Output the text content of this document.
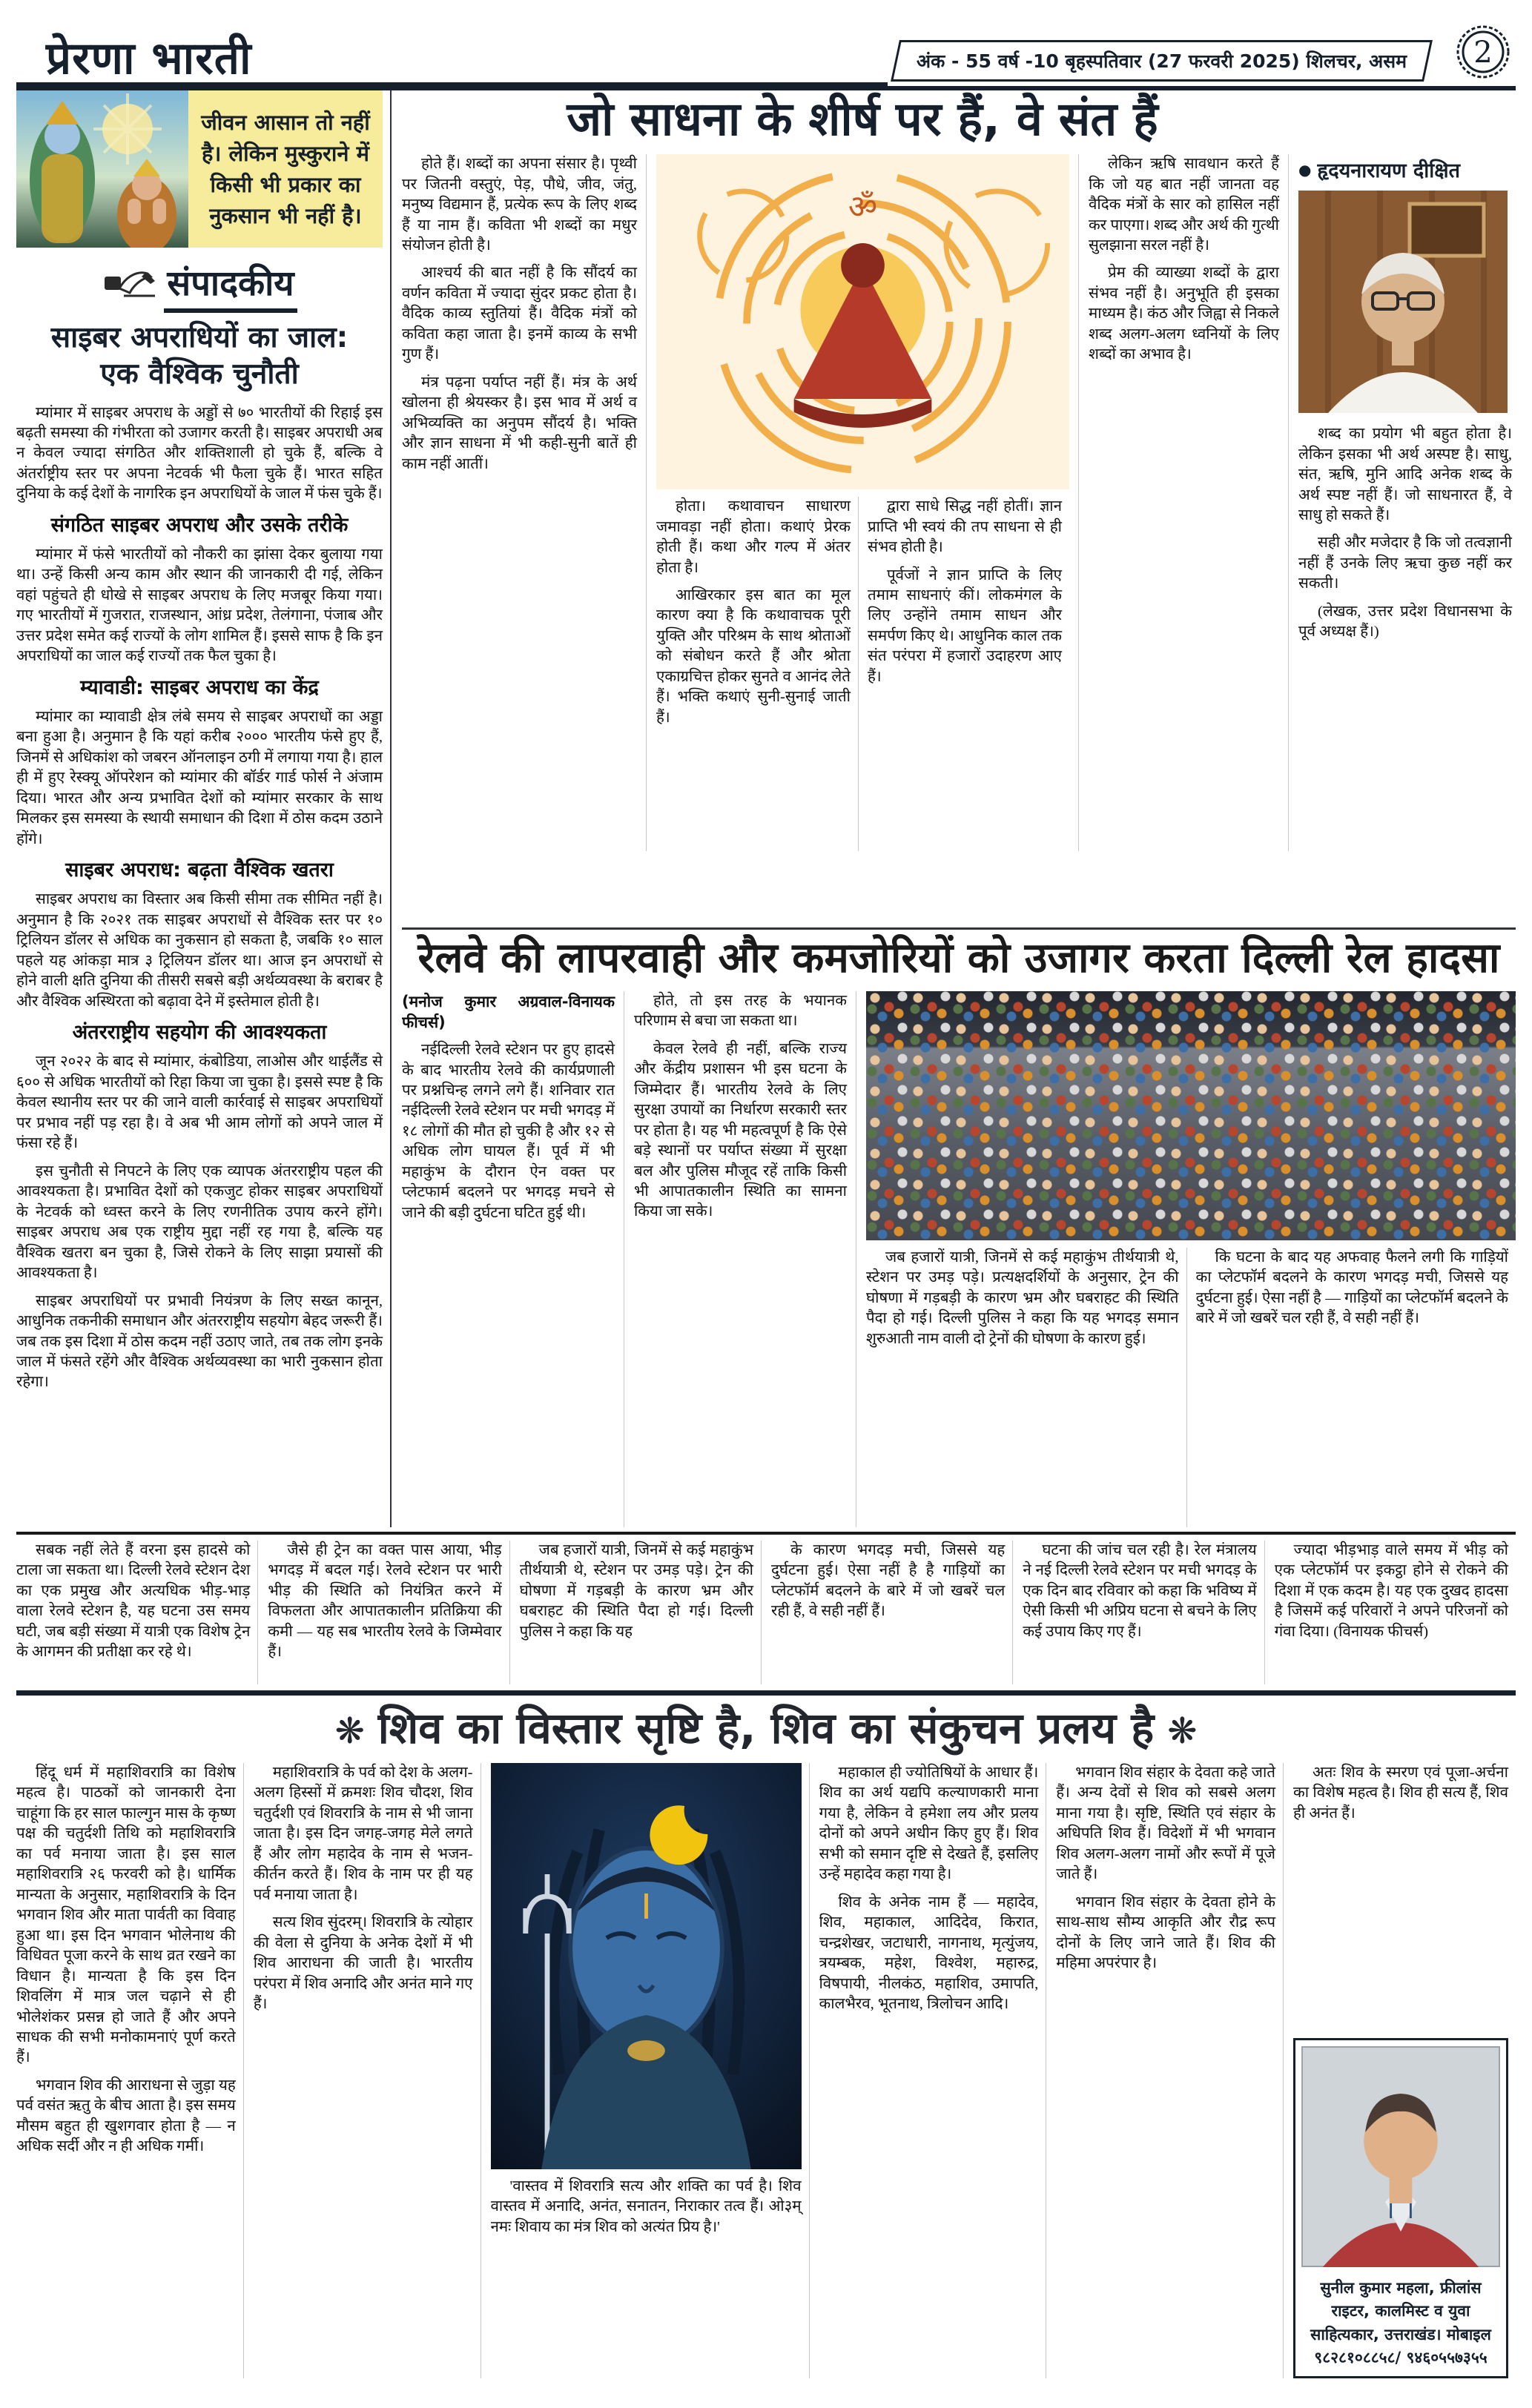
प्रेरणा भारती	अंक - 55 वर्ष -10 बृहस्पतिवार (27 फरवरी 2025) शिलचर, असम 2
जीवन आसान तो नहीं है। लेकिन मुस्कुराने में किसी भी प्रकार का नुकसान भी नहीं है।
संपादकीय
साइबर अपराधियों का जाल:
एक वैश्विक चुनौती

म्यांमार में साइबर अपराध के अड्डों से ७० भारतीयों की रिहाई इस बढ़ती समस्या की गंभीरता को उजागर करती है। साइबर अपराधी अब न केवल ज्यादा संगठित और शक्तिशाली हो चुके हैं, बल्कि वे अंतर्राष्ट्रीय स्तर पर अपना नेटवर्क भी फैला चुके हैं। भारत सहित दुनिया के कई देशों के नागरिक इन अपराधियों के जाल में फंस चुके हैं।

संगठित साइबर अपराध और उसके तरीके

म्यांमार में फंसे भारतीयों को नौकरी का झांसा देकर बुलाया गया था। उन्हें किसी अन्य काम और स्थान की जानकारी दी गई, लेकिन वहां पहुंचते ही धोखे से साइबर अपराध के लिए मजबूर किया गया। गए भारतीयों में गुजरात, राजस्थान, आंध्र प्रदेश, तेलंगाना, पंजाब और उत्तर प्रदेश समेत कई राज्यों के लोग शामिल हैं। इससे साफ है कि इन अपराधियों का जाल कई राज्यों तक फैल चुका है।

म्यावाडी: साइबर अपराध का केंद्र

म्यांमार का म्यावाडी क्षेत्र लंबे समय से साइबर अपराधों का अड्डा बना हुआ है। अनुमान है कि यहां करीब २००० भारतीय फंसे हुए हैं, जिनमें से अधिकांश को जबरन ऑनलाइन ठगी में लगाया गया है। हाल ही में हुए रेस्क्यू ऑपरेशन को म्यांमार की बॉर्डर गार्ड फोर्स ने अंजाम दिया। भारत और अन्य प्रभावित देशों को म्यांमार सरकार के साथ मिलकर इस समस्या के स्थायी समाधान की दिशा में ठोस कदम उठाने होंगे।

साइबर अपराध: बढ़ता वैश्विक खतरा

साइबर अपराध का विस्तार अब किसी सीमा तक सीमित नहीं है। अनुमान है कि २०२१ तक साइबर अपराधों से वैश्विक स्तर पर १० ट्रिलियन डॉलर से अधिक का नुकसान हो सकता है, जबकि १० साल पहले यह आंकड़ा मात्र ३ ट्रिलियन डॉलर था। आज इन अपराधों से होने वाली क्षति दुनिया की तीसरी सबसे बड़ी अर्थव्यवस्था के बराबर है और वैश्विक अस्थिरता को बढ़ावा देने में इस्तेमाल होती है।

अंतरराष्ट्रीय सहयोग की आवश्यकता

जून २०२२ के बाद से म्यांमार, कंबोडिया, लाओस और थाईलैंड से ६०० से अधिक भारतीयों को रिहा किया जा चुका है। इससे स्पष्ट है कि केवल स्थानीय स्तर पर की जाने वाली कार्रवाई से साइबर अपराधियों पर प्रभाव नहीं पड़ रहा है। वे अब भी आम लोगों को अपने जाल में फंसा रहे हैं।

इस चुनौती से निपटने के लिए एक व्यापक अंतरराष्ट्रीय पहल की आवश्यकता है। प्रभावित देशों को एकजुट होकर साइबर अपराधियों के नेटवर्क को ध्वस्त करने के लिए रणनीतिक उपाय करने होंगे। साइबर अपराध अब एक राष्ट्रीय मुद्दा नहीं रह गया है, बल्कि यह वैश्विक खतरा बन चुका है, जिसे रोकने के लिए साझा प्रयासों की आवश्यकता है।

साइबर अपराधियों पर प्रभावी नियंत्रण के लिए सख्त कानून, आधुनिक तकनीकी समाधान और अंतरराष्ट्रीय सहयोग बेहद जरूरी हैं। जब तक इस दिशा में ठोस कदम नहीं उठाए जाते, तब तक लोग इनके जाल में फंसते रहेंगे और वैश्विक अर्थव्यवस्था का भारी नुकसान होता रहेगा।

जो साधना के शीर्ष पर हैं, वे संत हैं

होते हैं। शब्दों का अपना संसार है। पृथ्वी पर जितनी वस्तुएं, पेड़, पौधे, जीव, जंतु, मनुष्य विद्यमान हैं, प्रत्येक रूप के लिए शब्द हैं या नाम हैं। कविता भी शब्दों का मधुर संयोजन होती है।

आश्चर्य की बात नहीं है कि सौंदर्य का वर्णन कविता में ज्यादा सुंदर प्रकट होता है। वैदिक काव्य स्तुतियां हैं। वैदिक मंत्रों को कविता कहा जाता है। इनमें काव्य के सभी गुण हैं।

मंत्र पढ़ना पर्याप्त नहीं हैं। मंत्र के अर्थ खोलना ही श्रेयस्कर है। इस भाव में अर्थ व अभिव्यक्ति का अनुपम सौंदर्य है। भक्ति और ज्ञान साधना में भी कही-सुनी बातें ही काम नहीं आतीं।

ॐ

होता। कथावाचन साधारण जमावड़ा नहीं होता। कथाएं प्रेरक होती हैं। कथा और गल्प में अंतर होता है।

आखिरकार इस बात का मूल कारण क्या है कि कथावाचक पूरी युक्ति और परिश्रम के साथ श्रोताओं को संबोधन करते हैं और श्रोता एकाग्रचित्त होकर सुनते व आनंद लेते हैं। भक्ति कथाएं सुनी-सुनाई जाती हैं।

द्वारा साधे सिद्ध नहीं होतीं। ज्ञान प्राप्ति भी स्वयं की तप साधना से ही संभव होती है।

पूर्वजों ने ज्ञान प्राप्ति के लिए तमाम साधनाएं कीं। लोकमंगल के लिए उन्होंने तमाम साधन और समर्पण किए थे। आधुनिक काल तक संत परंपरा में हजारों उदाहरण आए हैं।

लेकिन ऋषि सावधान करते हैं कि जो यह बात नहीं जानता वह वैदिक मंत्रों के सार को हासिल नहीं कर पाएगा। शब्द और अर्थ की गुत्थी सुलझाना सरल नहीं है।

प्रेम की व्याख्या शब्दों के द्वारा संभव नहीं है। अनुभूति ही इसका माध्यम है। कंठ और जिह्वा से निकले शब्द अलग-अलग ध्वनियों के लिए शब्दों का अभाव है।

● हृदयनारायण दीक्षित

शब्द का प्रयोग भी बहुत होता है। लेकिन इसका भी अर्थ अस्पष्ट है। साधु, संत, ऋषि, मुनि आदि अनेक शब्द के अर्थ स्पष्ट नहीं हैं। जो साधनारत हैं, वे साधु हो सकते हैं।

सही और मजेदार है कि जो तत्वज्ञानी नहीं हैं उनके लिए ऋचा कुछ नहीं कर सकती।

(लेखक, उत्तर प्रदेश विधानसभा के पूर्व अध्यक्ष हैं।)

रेलवे की लापरवाही और कमजोरियों को उजागर करता दिल्ली रेल हादसा

(मनोज कुमार अग्रवाल-विनायक फीचर्स)

नईदिल्ली रेलवे स्टेशन पर हुए हादसे के बाद भारतीय रेलवे की कार्यप्रणाली पर प्रश्नचिन्ह लगने लगे हैं। शनिवार रात नईदिल्ली रेलवे स्टेशन पर मची भगदड़ में १८ लोगों की मौत हो चुकी है और १२ से अधिक लोग घायल हैं। पूर्व में भी महाकुंभ के दौरान ऐन वक्त पर प्लेटफार्म बदलने पर भगदड़ मचने से जाने की बड़ी दुर्घटना घटित हुई थी।

होते, तो इस तरह के भयानक परिणाम से बचा जा सकता था।

केवल रेलवे ही नहीं, बल्कि राज्य और केंद्रीय प्रशासन भी इस घटना के जिम्मेदार हैं। भारतीय रेलवे के लिए सुरक्षा उपायों का निर्धारण सरकारी स्तर पर होता है। यह भी महत्वपूर्ण है कि ऐसे बड़े स्थानों पर पर्याप्त संख्या में सुरक्षा बल और पुलिस मौजूद रहें ताकि किसी भी आपातकालीन स्थिति का सामना किया जा सके।

जब हजारों यात्री, जिनमें से कई महाकुंभ तीर्थयात्री थे, स्टेशन पर उमड़ पड़े। प्रत्यक्षदर्शियों के अनुसार, ट्रेन की घोषणा में गड़बड़ी के कारण भ्रम और घबराहट की स्थिति पैदा हो गई। दिल्ली पुलिस ने कहा कि यह भगदड़ समान शुरुआती नाम वाली दो ट्रेनों की घोषणा के कारण हुई।

कि घटना के बाद यह अफवाह फैलने लगी कि गाड़ियों का प्लेटफॉर्म बदलने के कारण भगदड़ मची, जिससे यह दुर्घटना हुई। ऐसा नहीं है — गाड़ियों का प्लेटफॉर्म बदलने के बारे में जो खबरें चल रही हैं, वे सही नहीं हैं।

सबक नहीं लेते हैं वरना इस हादसे को टाला जा सकता था। दिल्ली रेलवे स्टेशन देश का एक प्रमुख और अत्यधिक भीड़-भाड़ वाला रेलवे स्टेशन है, यह घटना उस समय घटी, जब बड़ी संख्या में यात्री एक विशेष ट्रेन के आगमन की प्रतीक्षा कर रहे थे।

जैसे ही ट्रेन का वक्त पास आया, भीड़ भगदड़ में बदल गई। रेलवे स्टेशन पर भारी भीड़ की स्थिति को नियंत्रित करने में विफलता और आपातकालीन प्रतिक्रिया की कमी — यह सब भारतीय रेलवे के जिम्मेवार हैं।

जब हजारों यात्री, जिनमें से कई महाकुंभ तीर्थयात्री थे, स्टेशन पर उमड़ पड़े। ट्रेन की घोषणा में गड़बड़ी के कारण भ्रम और घबराहट की स्थिति पैदा हो गई। दिल्ली पुलिस ने कहा कि यह

के कारण भगदड़ मची, जिससे यह दुर्घटना हुई। ऐसा नहीं है है गाड़ियों का प्लेटफॉर्म बदलने के बारे में जो खबरें चल रही हैं, वे सही नहीं हैं।

घटना की जांच चल रही है। रेल मंत्रालय ने नई दिल्ली रेलवे स्टेशन पर मची भगदड़ के एक दिन बाद रविवार को कहा कि भविष्य में ऐसी किसी भी अप्रिय घटना से बचने के लिए कई उपाय किए गए हैं।

ज्यादा भीड़भाड़ वाले समय में भीड़ को एक प्लेटफॉर्म पर इकट्ठा होने से रोकने की दिशा में एक कदम है। यह एक दुखद हादसा है जिसमें कई परिवारों ने अपने परिजनों को गंवा दिया। (विनायक फीचर्स)

❋ शिव का विस्तार सृष्टि है, शिव का संकुचन प्रलय है ❋

हिंदू धर्म में महाशिवरात्रि का विशेष महत्व है। पाठकों को जानकारी देना चाहूंगा कि हर साल फाल्गुन मास के कृष्ण पक्ष की चतुर्दशी तिथि को महाशिवरात्रि का पर्व मनाया जाता है। इस साल महाशिवरात्रि २६ फरवरी को है। धार्मिक मान्यता के अनुसार, महाशिवरात्रि के दिन भगवान शिव और माता पार्वती का विवाह हुआ था। इस दिन भगवान भोलेनाथ की विधिवत पूजा करने के साथ व्रत रखने का विधान है। मान्यता है कि इस दिन शिवलिंग में मात्र जल चढ़ाने से ही भोलेशंकर प्रसन्न हो जाते हैं और अपने साधक की सभी मनोकामनाएं पूर्ण करते हैं।

भगवान शिव की आराधना से जुड़ा यह पर्व वसंत ऋतु के बीच आता है। इस समय मौसम बहुत ही खुशगवार होता है — न अधिक सर्दी और न ही अधिक गर्मी।

महाशिवरात्रि के पर्व को देश के अलग-अलग हिस्सों में क्रमशः शिव चौदश, शिव चतुर्दशी एवं शिवरात्रि के नाम से भी जाना जाता है। इस दिन जगह-जगह मेले लगते हैं और लोग महादेव के नाम से भजन-कीर्तन करते हैं। शिव के नाम पर ही यह पर्व मनाया जाता है।

सत्य शिव सुंदरम्। शिवरात्रि के त्योहार की वेला से दुनिया के अनेक देशों में भी शिव आराधना की जाती है। भारतीय परंपरा में शिव अनादि और अनंत माने गए हैं।

'वास्तव में शिवरात्रि सत्य और शक्ति का पर्व है। शिव वास्तव में अनादि, अनंत, सनातन, निराकार तत्व हैं। ओ३म् नमः शिवाय का मंत्र शिव को अत्यंत प्रिय है।'

महाकाल ही ज्योतिषियों के आधार हैं। शिव का अर्थ यद्यपि कल्याणकारी माना गया है, लेकिन वे हमेशा लय और प्रलय दोनों को अपने अधीन किए हुए हैं। शिव सभी को समान दृष्टि से देखते हैं, इसलिए उन्हें महादेव कहा गया है।

शिव के अनेक नाम हैं — महादेव, शिव, महाकाल, आदिदेव, किरात, चन्द्रशेखर, जटाधारी, नागनाथ, मृत्युंजय, त्रयम्बक, महेश, विश्वेश, महारुद्र, विषपायी, नीलकंठ, महाशिव, उमापति, कालभैरव, भूतनाथ, त्रिलोचन आदि।

भगवान शिव संहार के देवता कहे जाते हैं। अन्य देवों से शिव को सबसे अलग माना गया है। सृष्टि, स्थिति एवं संहार के अधिपति शिव हैं। विदेशों में भी भगवान शिव अलग-अलग नामों और रूपों में पूजे जाते हैं।

भगवान शिव संहार के देवता होने के साथ-साथ सौम्य आकृति और रौद्र रूप दोनों के लिए जाने जाते हैं। शिव की महिमा अपरंपार है।

अतः शिव के स्मरण एवं पूजा-अर्चना का विशेष महत्व है। शिव ही सत्य हैं, शिव ही अनंत हैं।

सुनील कुमार महला, फ्रीलांस राइटर, कालमिस्ट व युवा साहित्यकार, उत्तराखंड। मोबाइल ९८२८१०८८५८/ ९४६०५५७३५५
